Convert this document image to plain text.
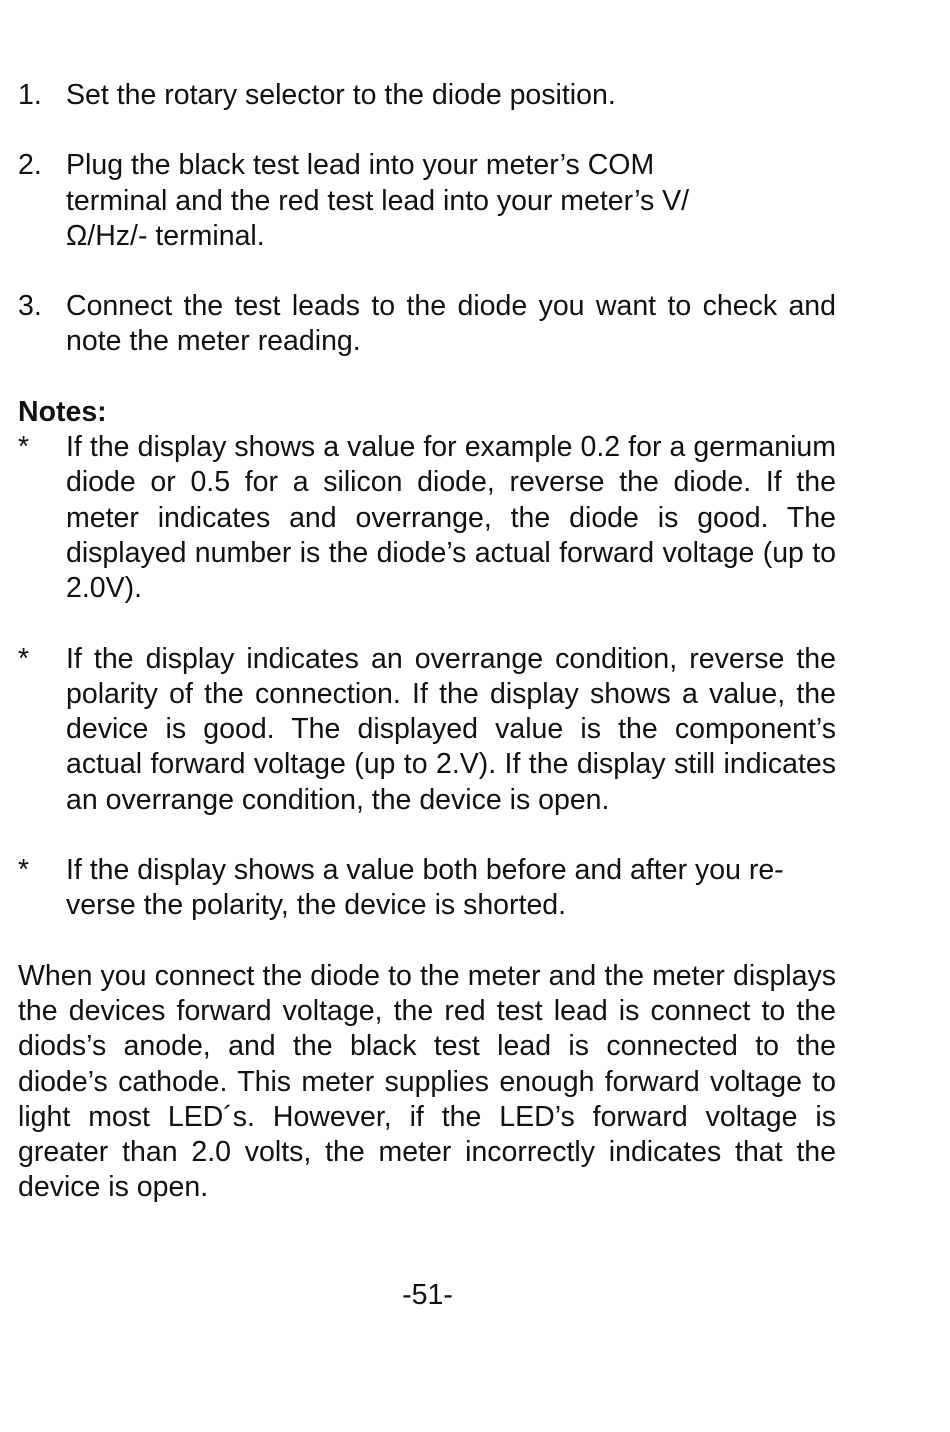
1. Set the rotary selector to the diode position.
2. Plug the black test lead into your meter’s COM terminal and the red test lead into your meter’s V/Ω/Hz/- terminal.
3. Connect the test leads to the diode you want to check and note the meter reading.
Notes:
* If the display shows a value for example 0.2 for a germanium diode or 0.5 for a silicon diode, reverse the diode. If the meter indicates and overrange, the diode is good. The displayed number is the diode’s actual forward voltage (up to 2.0V).
* If the display indicates an overrange condition, reverse the polarity of the connection. If the display shows a value, the device is good. The displayed value is the component’s actual forward voltage (up to 2.V). If the display still indicates an overrange condition, the device is open.
* If the display shows a value both before and after you re-verse the polarity, the device is shorted.

When you connect the diode to the meter and the meter displays the devices forward voltage, the red test lead is connect to the diods’s anode, and the black test lead is connected to the diode’s cathode. This meter supplies enough forward voltage to light most LED´s. However, if the LED’s forward voltage is greater than 2.0 volts, the meter incorrectly indicates that the device is open.

-51-
